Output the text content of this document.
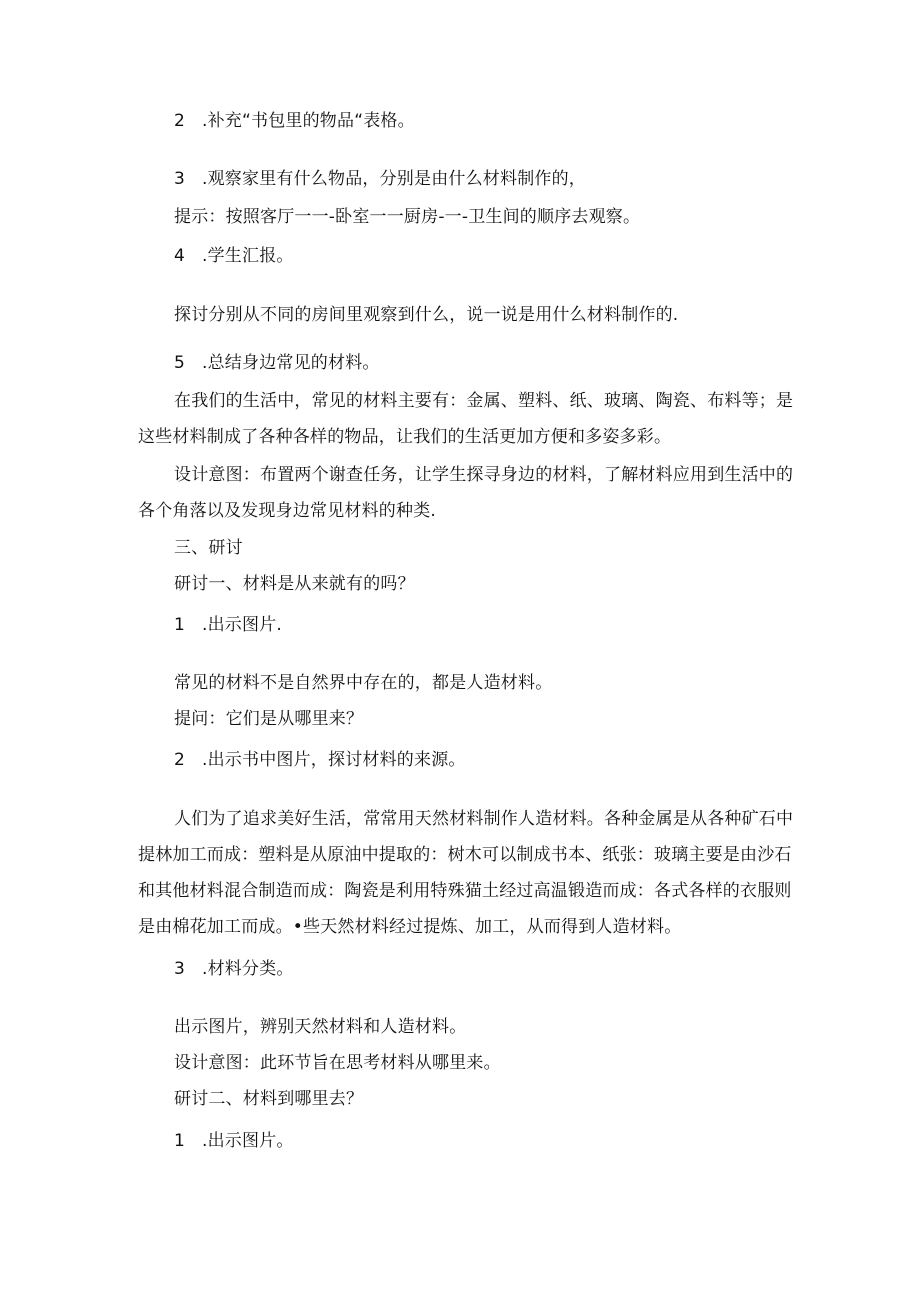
2 .补充“书包里的物品“表格。
3 .观察家里有什么物品，分别是由什么材料制作的，
提示：按照客厅一一-卧室一一厨房-一-卫生间的顺序去观察。
4 .学生汇报。
探讨分别从不同的房间里观察到什么，说一说是用什么材料制作的.
5 .总结身边常见的材料。
在我们的生活中，常见的材料主要有：金属、塑料、纸、玻璃、陶瓷、布料等；是
这些材料制成了各种各样的物品，让我们的生活更加方便和多姿多彩。
设计意图：布置两个谢查任务，让学生探寻身边的材料，了解材料应用到生活中的
各个角落以及发现身边常见材料的种类.
三、研讨
研讨一、材料是从来就有的吗？
1 .出示图片.
常见的材料不是自然界中存在的，都是人造材料。
提问：它们是从哪里来？
2 .出示书中图片，探讨材料的来源。
人们为了追求美好生活，常常用天然材料制作人造材料。各种金属是从各种矿石中
提林加工而成：塑料是从原油中提取的：树木可以制成书本、纸张：玻璃主要是由沙石
和其他材料混合制造而成：陶瓷是利用特殊猫土经过高温锻造而成：各式各样的衣服则
是由棉花加工而成。•些天然材料经过提炼、加工，从而得到人造材料。
3 .材料分类。
出示图片，辨别天然材料和人造材料。
设计意图：此环节旨在思考材料从哪里来。
研讨二、材料到哪里去？
1 .出示图片。
